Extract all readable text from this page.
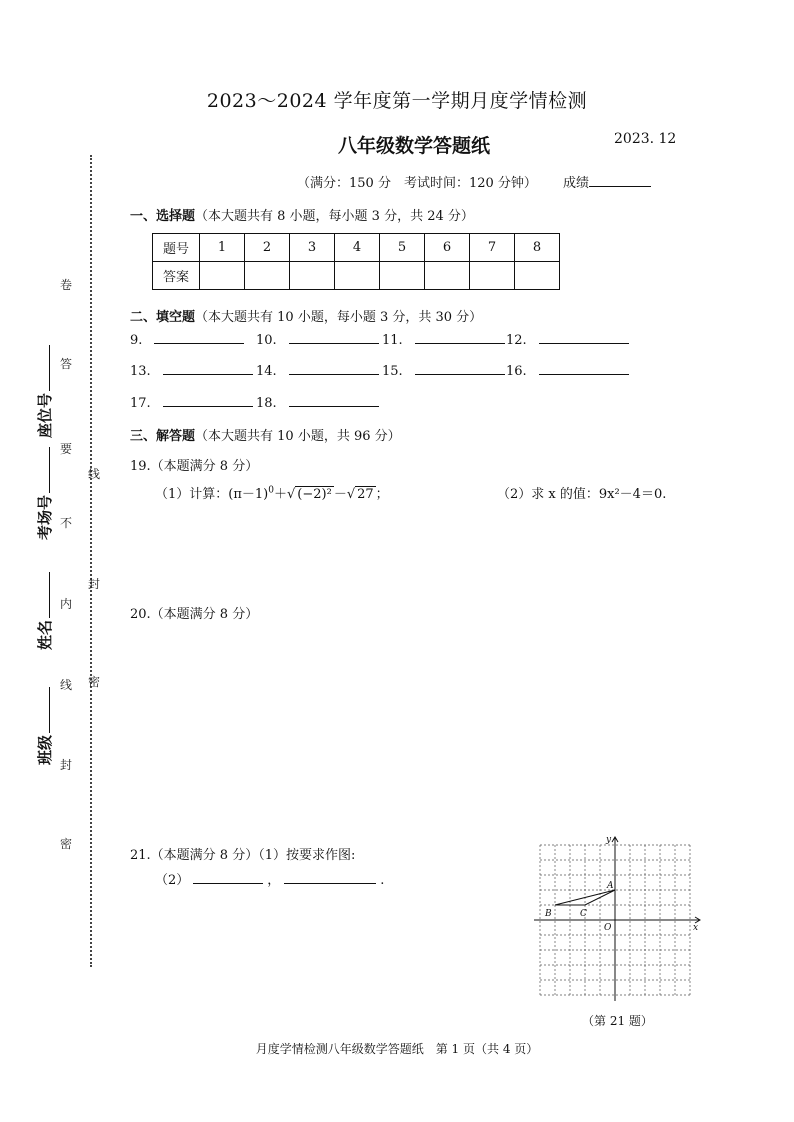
2023～2024 学年度第一学期月度学情检测
八年级数学答题纸	2023. 12
（满分：150 分　考试时间：120 分钟） 成绩
卷
答
要
不
内
线
封
密
线
封
密
座位号
考场号
姓名
班级
一、选择题（本大题共有 8 小题，每小题 3 分，共 24 分）
题号	1	2	3	4	5	6	7	8
答案								
二、填空题（本大题共有 10 小题，每小题 3 分，共 30 分）
9.	10.	11.	12.
13.	14.	15.	16.
17.	18.
三、解答题（本大题共有 10 小题，共 96 分）
19.（本题满分 8 分）
（1）计算：$(\pi-1)^0+√$ (−2)² －√ 27 ；	（2）求 x 的值：9x²－4＝0.
20.（本题满分 8 分）
21.（本题满分 8 分）（1）按要求作图:
（2）	，	.
y
x
O
A
B	C
（第 21 题）
月度学情检测八年级数学答题纸　第 1 页（共 4 页）
